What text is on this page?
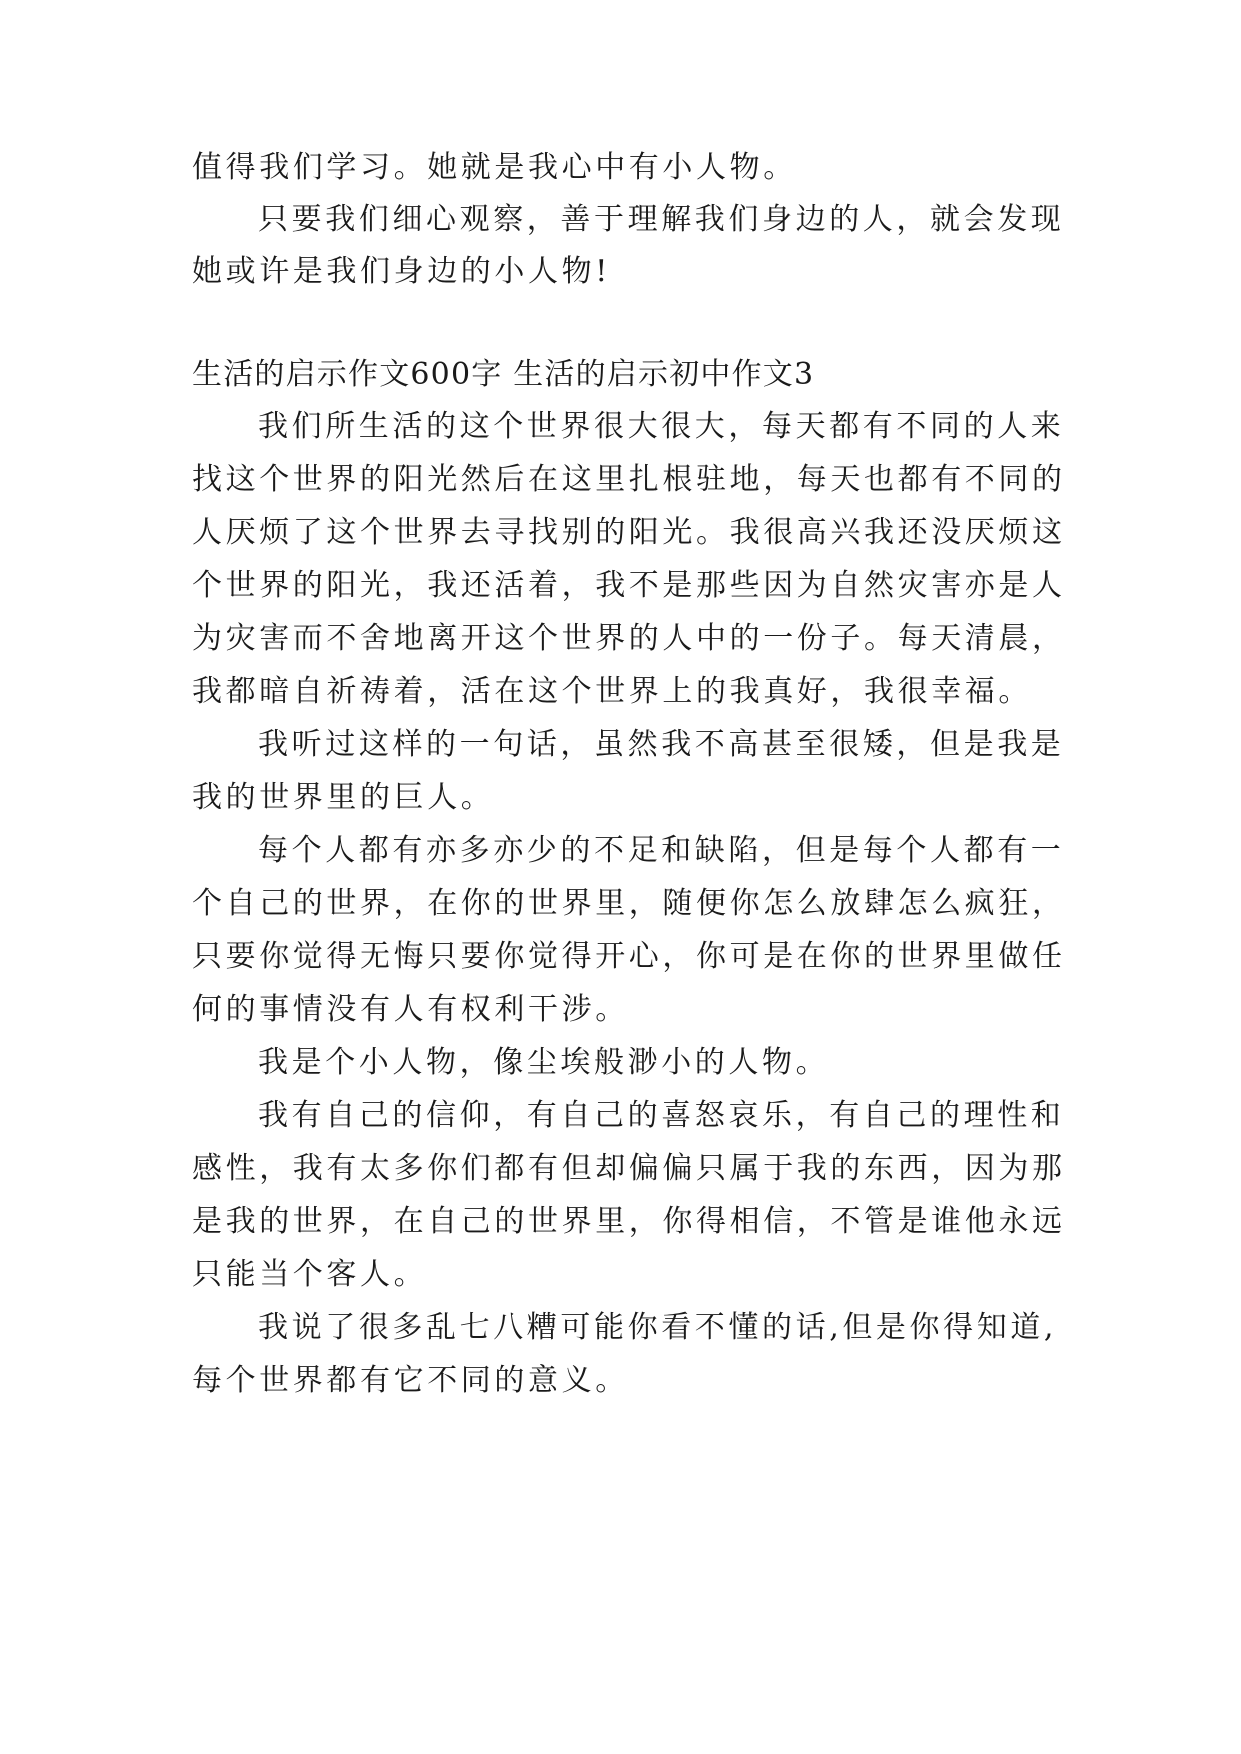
值得我们学习。她就是我心中有小人物。
只要我们细心观察，善于理解我们身边的人，就会发现
她或许是我们身边的小人物!
生活的启示作文600字 生活的启示初中作文3
我们所生活的这个世界很大很大，每天都有不同的人来
找这个世界的阳光然后在这里扎根驻地，每天也都有不同的
人厌烦了这个世界去寻找别的阳光。我很高兴我还没厌烦这
个世界的阳光，我还活着，我不是那些因为自然灾害亦是人
为灾害而不舍地离开这个世界的人中的一份子。每天清晨，
我都暗自祈祷着，活在这个世界上的我真好，我很幸福。
我听过这样的一句话，虽然我不高甚至很矮，但是我是
我的世界里的巨人。
每个人都有亦多亦少的不足和缺陷，但是每个人都有一
个自己的世界，在你的世界里，随便你怎么放肆怎么疯狂，
只要你觉得无悔只要你觉得开心，你可是在你的世界里做任
何的事情没有人有权利干涉。
我是个小人物，像尘埃般渺小的人物。
我有自己的信仰，有自己的喜怒哀乐，有自己的理性和
感性，我有太多你们都有但却偏偏只属于我的东西，因为那
是我的世界，在自己的世界里，你得相信，不管是谁他永远
只能当个客人。
我说了很多乱七八糟可能你看不懂的话,但是你得知道,
每个世界都有它不同的意义。
